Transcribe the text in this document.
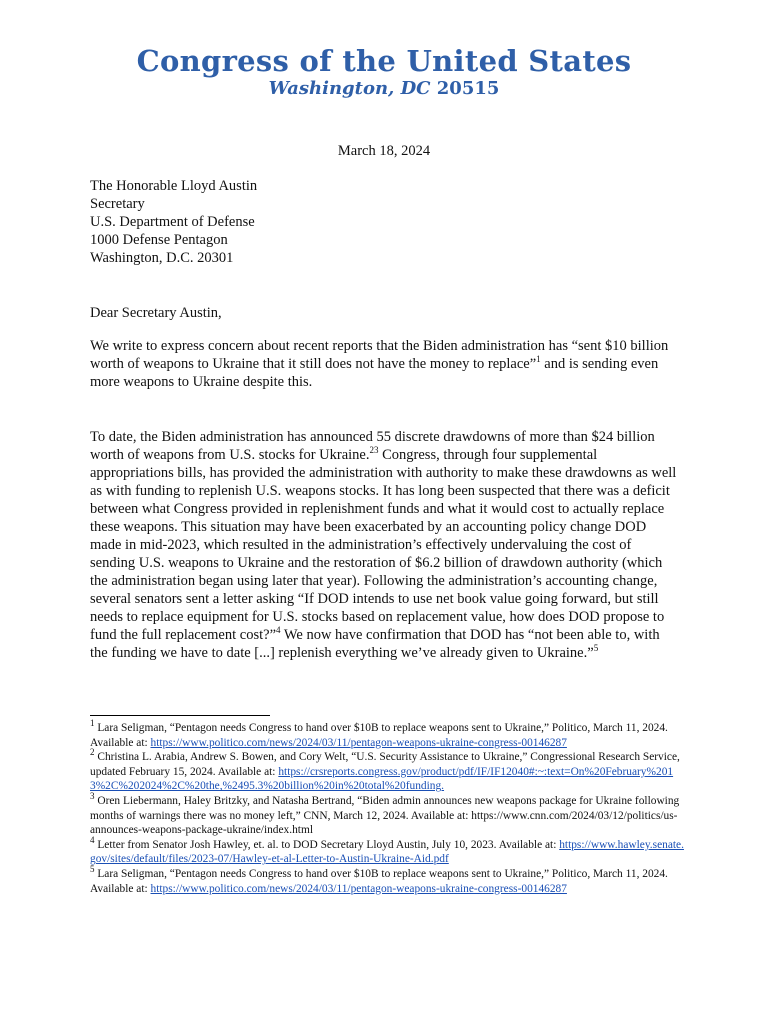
Congress of the United States
Washington, DC 20515
March 18, 2024
The Honorable Lloyd Austin
Secretary
U.S. Department of Defense
1000 Defense Pentagon
Washington, D.C. 20301
Dear Secretary Austin,

We write to express concern about recent reports that the Biden administration has “sent $10 billion worth of weapons to Ukraine that it still does not have the money to replace”$^1$ and is sending even more weapons to Ukraine despite this.

To date, the Biden administration has announced 55 discrete drawdowns of more than $24 billion worth of weapons from U.S. stocks for Ukraine.$^{23}$ Congress, through four supplemental appropriations bills, has provided the administration with authority to make these drawdowns as well as with funding to replenish U.S. weapons stocks. It has long been suspected that there was a deficit between what Congress provided in replenishment funds and what it would cost to actually replace these weapons. This situation may have been exacerbated by an accounting policy change DOD made in mid-2023, which resulted in the administration’s effectively undervaluing the cost of sending U.S. weapons to Ukraine and the restoration of $6.2 billion of drawdown authority (which the administration began using later that year). Following the administration’s accounting change, several senators sent a letter asking “If DOD intends to use net book value going forward, but still needs to replace equipment for U.S. stocks based on replacement value, how does DOD propose to fund the full replacement cost?”$^4$ We now have confirmation that DOD has “not been able to, with the funding we have to date [...] replenish everything we’ve already given to Ukraine.”$^5$

$^1$ Lara Seligman, “Pentagon needs Congress to hand over $10B to replace weapons sent to Ukraine,” Politico, March 11, 2024. Available at: https://www.politico.com/news/2024/03/11/pentagon-weapons-ukraine-congress-00146287
$^2$ Christina L. Arabia, Andrew S. Bowen, and Cory Welt, “U.S. Security Assistance to Ukraine,” Congressional Research Service, updated February 15, 2024. Available at: https://crsreports.congress.gov/product/pdf/IF/IF12040#:~:text=On%20February%2013%2C%202024%2C%20the,%2495.3%20billion%20in%20total%20funding.
$^3$ Oren Liebermann, Haley Britzky, and Natasha Bertrand, “Biden admin announces new weapons package for Ukraine following months of warnings there was no money left,” CNN, March 12, 2024. Available at: https://www.cnn.com/2024/03/12/politics/us-announces-weapons-package-ukraine/index.html
$^4$ Letter from Senator Josh Hawley, et. al. to DOD Secretary Lloyd Austin, July 10, 2023. Available at: https://www.hawley.senate.gov/sites/default/files/2023-07/Hawley-et-al-Letter-to-Austin-Ukraine-Aid.pdf
$^5$ Lara Seligman, “Pentagon needs Congress to hand over $10B to replace weapons sent to Ukraine,” Politico, March 11, 2024. Available at: https://www.politico.com/news/2024/03/11/pentagon-weapons-ukraine-congress-00146287
